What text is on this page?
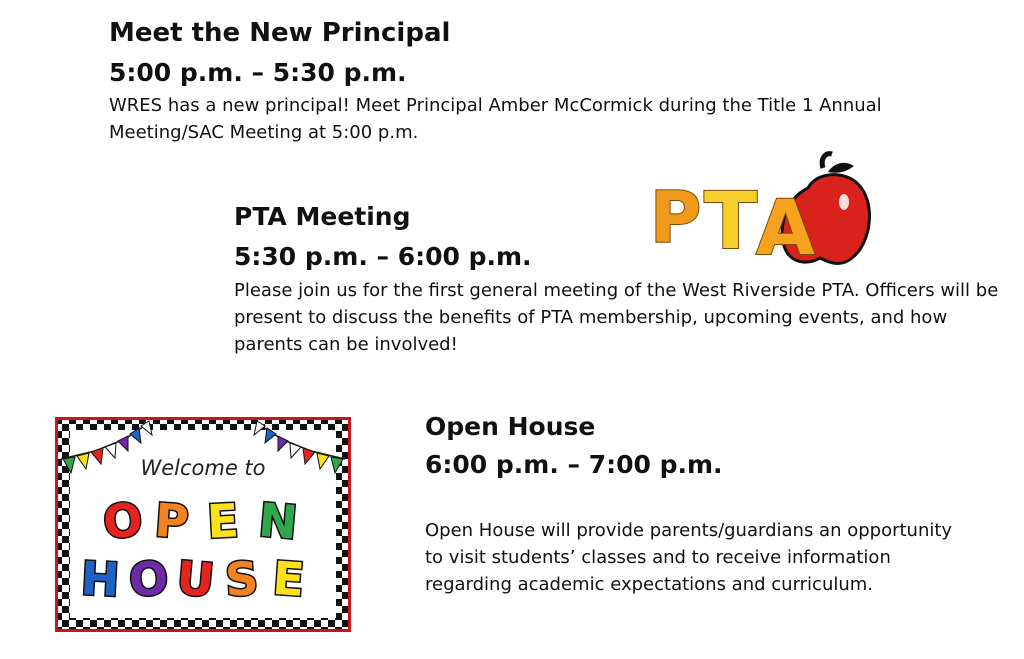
Meet the New Principal
5:00 p.m. – 5:30 p.m.

WRES has a new principal! Meet Principal Amber McCormick during the Title 1 Annual Meeting/SAC Meeting at 5:00 p.m.

PTA Meeting
5:30 p.m. – 6:00 p.m.

Please join us for the first general meeting of the West Riverside PTA. Officers will be present to discuss the benefits of PTA membership, upcoming events, and how parents can be involved!

P T
A
Welcome to
O P E N
H O U S E
Open House
6:00 p.m. – 7:00 p.m.

Open House will provide parents/guardians an opportunity to visit students’ classes and to receive information regarding academic expectations and curriculum.
